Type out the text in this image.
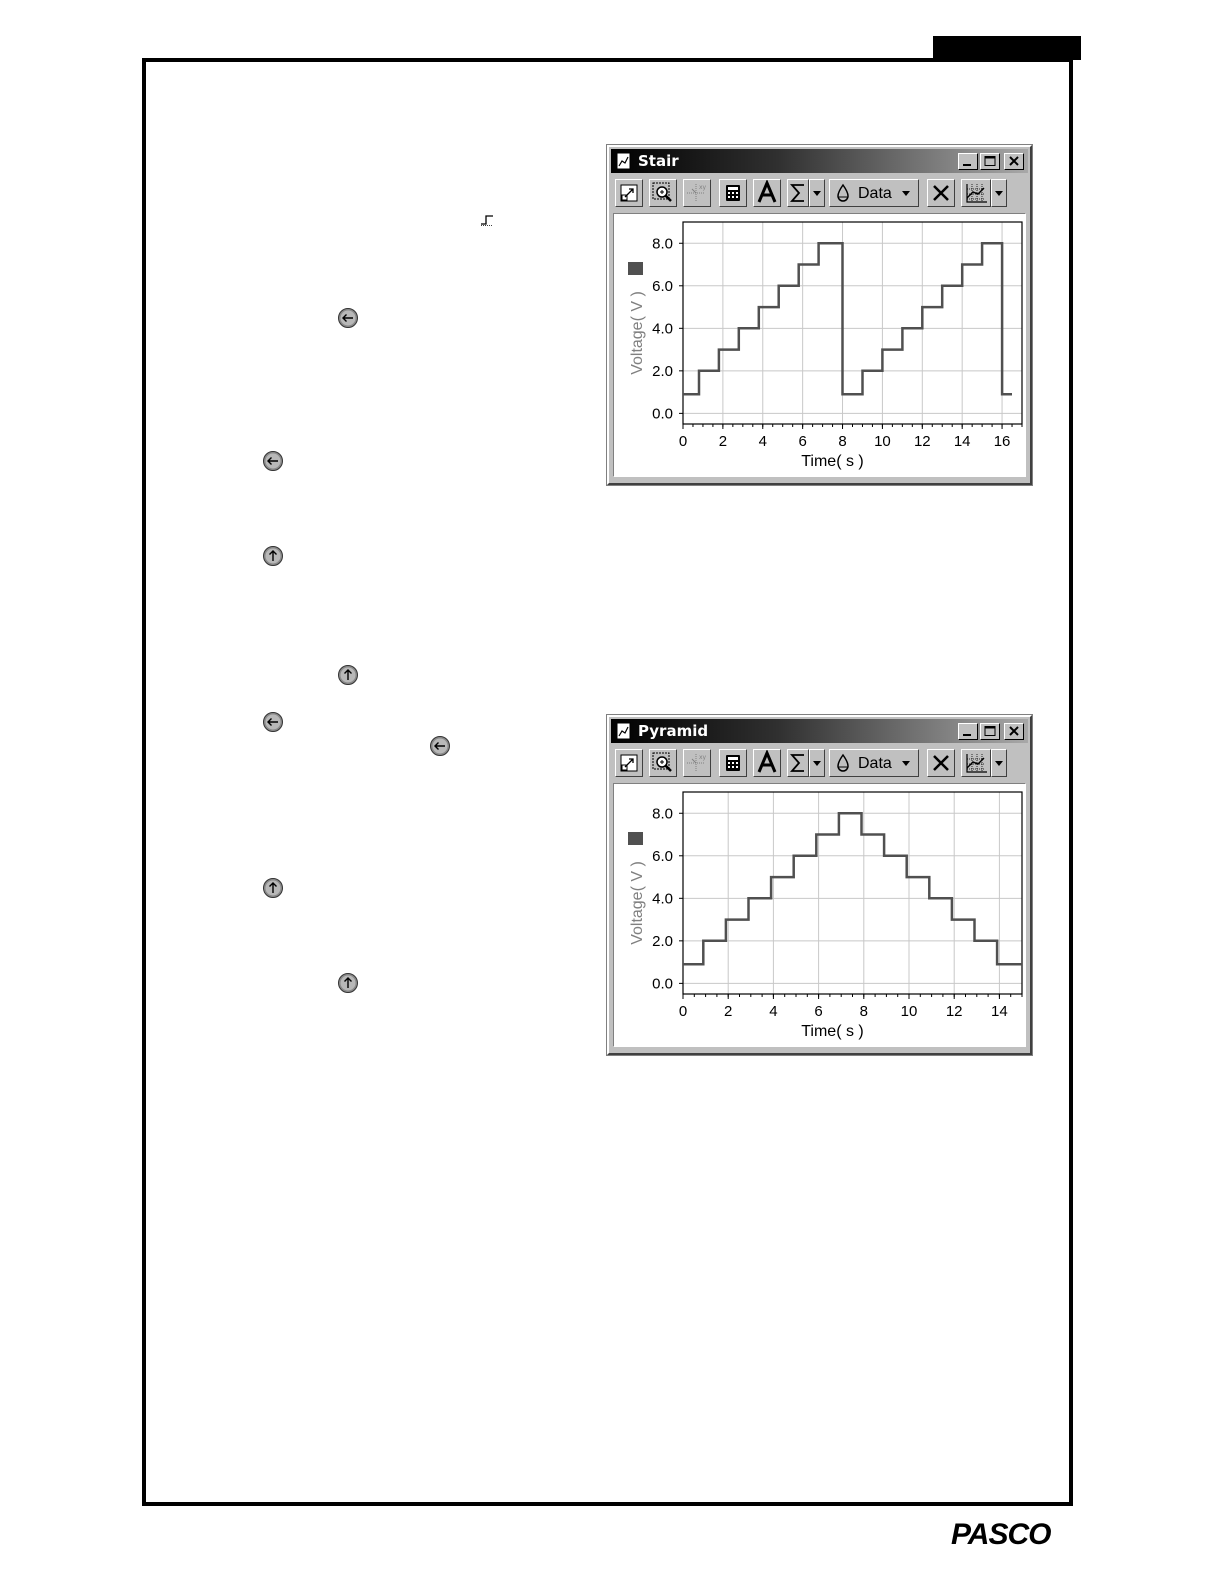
Stair
xy	Data
0 2 4 6 8 10 12 14 16
0.0
2.0
4.0
6.0
8.0
Time( s )
Voltage( V )
Pyramid
xy	Data
0 2 4 6 8 10 12 14
0.0
2.0
4.0
6.0
8.0
Time( s )
Voltage( V )
PASCO
